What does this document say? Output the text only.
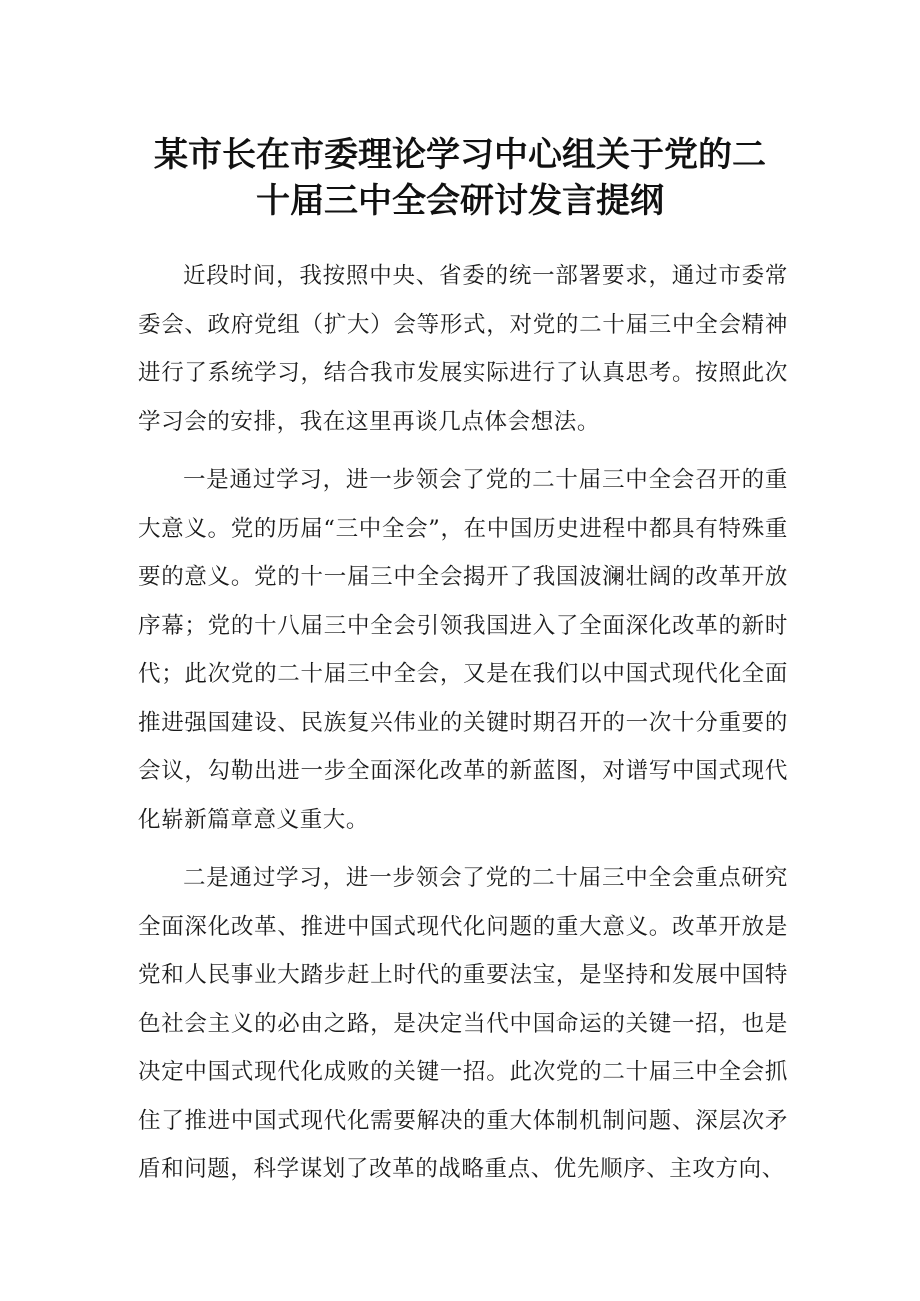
某市长在市委理论学习中心组关于党的二
十届三中全会研讨发言提纲

近段时间，我按照中央、省委的统一部署要求，通过市委常委会、政府党组（扩大）会等形式，对党的二十届三中全会精神进行了系统学习，结合我市发展实际进行了认真思考。按照此次学习会的安排，我在这里再谈几点体会想法。

一是通过学习，进一步领会了党的二十届三中全会召开的重大意义。党的历届“三中全会”，在中国历史进程中都具有特殊重要的意义。党的十一届三中全会揭开了我国波澜壮阔的改革开放序幕；党的十八届三中全会引领我国进入了全面深化改革的新时代；此次党的二十届三中全会，又是在我们以中国式现代化全面推进强国建设、民族复兴伟业的关键时期召开的一次十分重要的会议，勾勒出进一步全面深化改革的新蓝图，对谱写中国式现代化崭新篇章意义重大。

二是通过学习，进一步领会了党的二十届三中全会重点研究全面深化改革、推进中国式现代化问题的重大意义。改革开放是党和人民事业大踏步赶上时代的重要法宝，是坚持和发展中国特色社会主义的必由之路，是决定当代中国命运的关键一招，也是决定中国式现代化成败的关键一招。此次党的二十届三中全会抓住了推进中国式现代化需要解决的重大体制机制问题、深层次矛盾和问题，科学谋划了改革的战略重点、优先顺序、主攻方向、
